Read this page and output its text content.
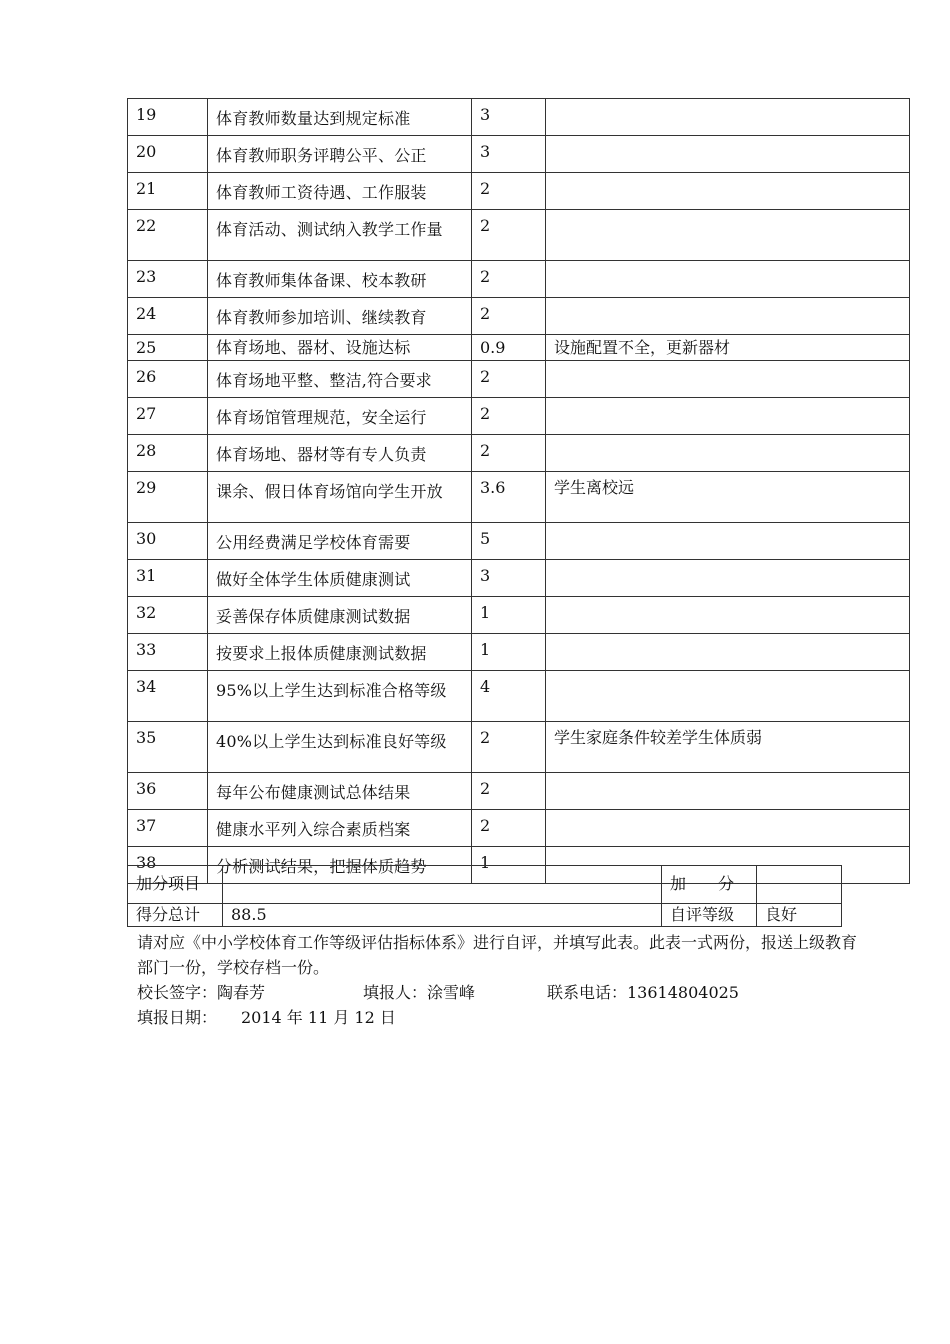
19	体育教师数量达到规定标准	3	
20	体育教师职务评聘公平、公正	3	
21	体育教师工资待遇、工作服装	2	
22	体育活动、测试纳入教学工作量	2	
23	体育教师集体备课、校本教研	2	
24	体育教师参加培训、继续教育	2	
25	体育场地、器材、设施达标	0.9	设施配置不全，更新器材
26	体育场地平整、整洁,符合要求	2	
27	体育场馆管理规范，安全运行	2	
28	体育场地、器材等有专人负责	2	
29	课余、假日体育场馆向学生开放	3.6	学生离校远
30	公用经费满足学校体育需要	5	
31	做好全体学生体质健康测试	3	
32	妥善保存体质健康测试数据	1	
33	按要求上报体质健康测试数据	1	
34	95%以上学生达到标准合格等级	4	
35	40%以上学生达到标准良好等级	2	学生家庭条件较差学生体质弱
36	每年公布健康测试总体结果	2	
37	健康水平列入综合素质档案	2	
38	分析测试结果，把握体质趋势	1	
加分项目		加　　分	
得分总计	88.5	自评等级	良好

请对应《中小学校体育工作等级评估指标体系》进行自评，并填写此表。此表一式两份，报送上级教育部门一份，学校存档一份。

校长签字：陶春芳	填报人：涂雪峰	联系电话：13614804025

填报日期：　　2014 年 11 月 12 日
